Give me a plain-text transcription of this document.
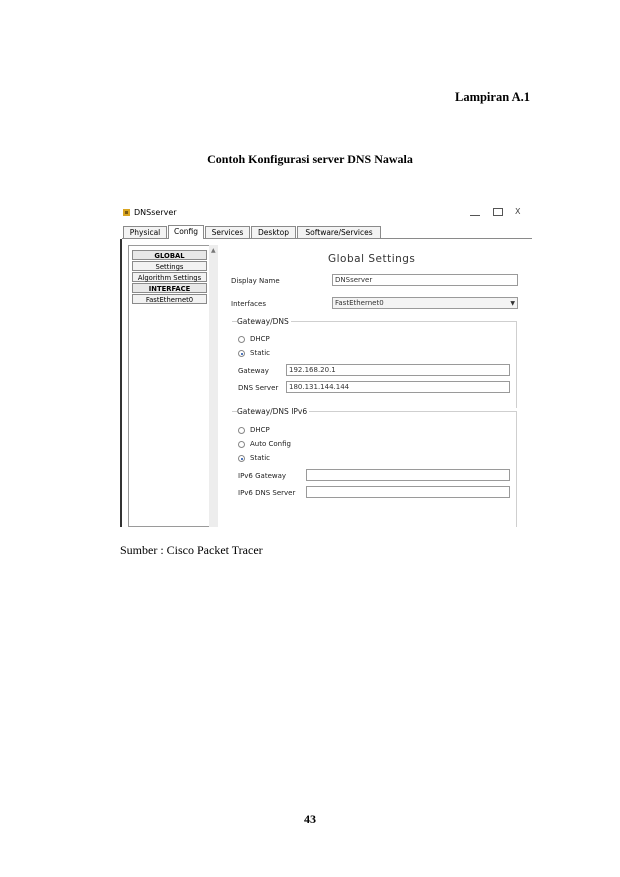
Lampiran A.1
Contoh Konfigurasi server DNS Nawala
DNSserver	X
Physical	Config	Services	Desktop	Software/Services
GLOBAL
Settings
Algorithm Settings
INTERFACE
FastEthernet0
▲
Global Settings
Display Name	DNSserver
Interfaces	FastEthernet0	▼
Gateway/DNS
DHCP
Static
Gateway	192.168.20.1
DNS Server	180.131.144.144
Gateway/DNS IPv6
DHCP
Auto Config
Static
IPv6 Gateway
IPv6 DNS Server
Sumber : Cisco Packet Tracer
43
